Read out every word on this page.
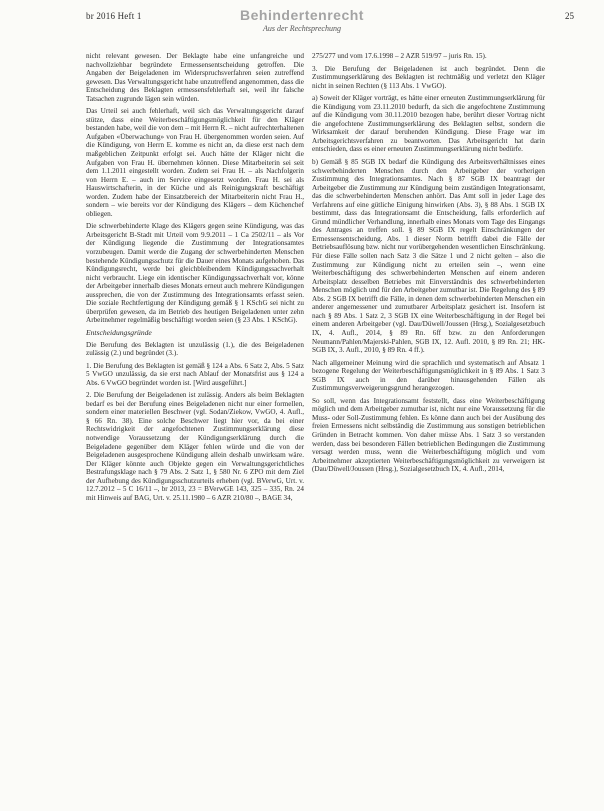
br 2016 Heft 1	Behindertenrecht	25
Aus der Rechtsprechung

nicht relevant gewesen. Der Beklagte habe eine unfangreiche und nachvollziehbar begründete Ermessensentscheidung getroffen. Die Angaben der Beigeladenen im Widerspruchsverfahren seien zutreffend gewesen. Das Verwaltungsgericht habe unzutreffend angenommen, dass die Entscheidung des Beklagten ermessensfehlerhaft sei, weil ihr falsche Tatsachen zugrunde lägen sein würden.

Das Urteil sei auch fehlerhaft, weil sich das Verwaltungsgericht darauf stütze, dass eine Weiterbeschäftigungsmöglichkeit für den Kläger bestanden habe, weil die von dem – mit Herrn R. – nicht aufrechterhaltenen Aufgaben «Überwachung» von Frau H. übergenommen worden seien. Auf die Kündigung, von Herrn E. komme es nicht an, da diese erst nach dem maßgeblichen Zeitpunkt erfolgt sei. Auch hätte der Kläger nicht die Aufgaben von Frau H. übernehmen können. Diese Mitarbeiterin sei seit dem 1.1.2011 eingestellt worden. Zudem sei Frau H. – als Nachfolgerin von Herrn E. – auch im Service eingesetzt worden. Frau H. sei als Hauswirtschafterin, in der Küche und als Reinigungskraft beschäftigt worden. Zudem habe der Einsatzbereich der Mitarbeiterin nicht Frau H., sondern – wie bereits vor der Kündigung des Klägers – dem Küchenchef obliegen.

Die schwerbehinderte Klage des Klägers gegen seine Kündigung, was das Arbeitsgericht B-Stadt mit Urteil vom 9.9.2011 – 1 Ca 2502/11 – als Vor der Kündigung liegende die Zustimmung der Integrationsamtes vorzubeugen. Damit werde die Zugang der schwerbehinderten Menschen bestehende Kündigungsschutz für die Dauer eines Monats aufgehoben. Das Kündigungsrecht, werde bei gleichbleibendem Kündigungssachverhalt nicht verbraucht. Liege ein identischer Kündigungssachverhalt vor, könne der Arbeitgeber innerhalb dieses Monats erneut auch mehrere Kündigungen aussprechen, die von der Zustimmung des Integrationsamts erfasst seien. Die soziale Rechtfertigung der Kündigung gemäß § 1 KSchG sei nicht zu überprüfen gewesen, da im Betrieb des heutigen Beigeladenen unter zehn Arbeitnehmer regelmäßig beschäftigt worden seien (§ 23 Abs. 1 KSchG).

Entscheidungsgründe

Die Berufung des Beklagten ist unzulässig (1.), die des Beigeladenen zulässig (2.) und begründet (3.).

1. Die Berufung des Beklagten ist gemäß § 124 a Abs. 6 Satz 2, Abs. 5 Satz 5 VwGO unzulässig, da sie erst nach Ablauf der Monatsfrist aus § 124 a Abs. 6 VwGO begründet worden ist. [Wird ausgeführt.]

2. Die Berufung der Beigeladenen ist zulässig. Anders als beim Beklagten bedarf es bei der Berufung eines Beigeladenen nicht nur einer formellen, sondern einer materiellen Beschwer (vgl. Sodan/Ziekow, VwGO, 4. Aufl., § 66 Rn. 38). Eine solche Beschwer liegt hier vor, da bei einer Rechtswidrigkeit der angefochtenen Zustimmungserklärung diese notwendige Voraussetzung der Kündigungserklärung durch die Beigeladene gegenüber dem Kläger fehlen würde und die von der Beigeladenen ausgesprochene Kündigung allein deshalb unwirksam wäre. Der Kläger könnte auch Objekte gegen ein Verwaltungsgerichtliches Bestrafungsklage nach § 79 Abs. 2 Satz 1, § 580 Nr. 6 ZPO mit dem Ziel der Aufhebung des Kündigungsschutzurteils erheben (vgl. BVerwG, Urt. v. 12.7.2012 – 5 C 16/11 –, br 2013, 23 = BVerwGE 143, 325 – 335, Rn. 24 mit Hinweis auf BAG, Urt. v. 25.11.1980 – 6 AZR 210/80 –, BAGE 34,

275/277 und vom 17.6.1998 – 2 AZR 519/97 – juris Rn. 15).

3. Die Berufung der Beigeladenen ist auch begründet. Denn die Zustimmungserklärung des Beklagten ist rechtmäßig und verletzt den Kläger nicht in seinen Rechten (§ 113 Abs. 1 VwGO).

a) Soweit der Kläger vorträgt, es hätte einer erneuten Zustimmungserklärung für die Kündigung vom 23.11.2010 bedurft, da sich die angefochtene Zustimmung auf die Kündigung vom 30.11.2010 bezogen habe, berührt dieser Vortrag nicht die angefochtene Zustimmungserklärung des Beklagten selbst, sondern die Wirksamkeit der darauf beruhenden Kündigung. Diese Frage war im Arbeitsgerichtsverfahren zu beantworten. Das Arbeitsgericht hat darin entschieden, dass es einer erneuten Zustimmungserklärung nicht bedürfe.

b) Gemäß § 85 SGB IX bedarf die Kündigung des Arbeitsverhältnisses eines schwerbehinderten Menschen durch den Arbeitgeber der vorherigen Zustimmung des Integrationsamtes. Nach § 87 SGB IX beantragt der Arbeitgeber die Zustimmung zur Kündigung beim zuständigen Integrationsamt, das die schwerbehinderten Menschen anhört. Das Amt soll in jeder Lage des Verfahrens auf eine gütliche Einigung hinwirken (Abs. 3), § 88 Abs. 1 SGB IX bestimmt, dass das Integrationsamt die Entscheidung, falls erforderlich auf Grund mündlicher Verhandlung, innerhalb eines Monats vom Tage des Eingangs des Antrages an treffen soll. § 89 SGB IX regelt Einschränkungen der Ermessensentscheidung. Abs. 1 dieser Norm betrifft dabei die Fälle der Betriebsauflösung bzw. nicht nur vorübergehenden wesentlichen Einschränkung. Für diese Fälle sollen nach Satz 3 die Sätze 1 und 2 nicht gelten – also die Zustimmung zur Kündigung nicht zu erteilen sein –, wenn eine Weiterbeschäftigung des schwerbehinderten Menschen auf einem anderen Arbeitsplatz desselben Betriebes mit Einverständnis des schwerbehinderten Menschen möglich und für den Arbeitgeber zumutbar ist. Die Regelung des § 89 Abs. 2 SGB IX betrifft die Fälle, in denen dem schwerbehinderten Menschen ein anderer angemessener und zumutbarer Arbeitsplatz gesichert ist. Insofern ist nach § 89 Abs. 1 Satz 2, 3 SGB IX eine Weiterbeschäftigung in der Regel bei einem anderen Arbeitgeber (vgl. Dau/Düwell/Joussen (Hrsg.), Sozialgesetzbuch IX, 4. Aufl., 2014, § 89 Rn. 6ff bzw. zu den Anforderungen Neumann/Pahlen/Majerski-Pahlen, SGB IX, 12. Aufl. 2010, § 89 Rn. 21; HK-SGB IX, 3. Aufl., 2010, § 89 Rn. 4 ff.).

Nach allgemeiner Meinung wird die sprachlich und systematisch auf Absatz 1 bezogene Regelung der Weiterbeschäftigungsmöglichkeit in § 89 Abs. 1 Satz 3 SGB IX auch in den darüber hinausgehenden Fällen als Zustimmungsverweigerungsgrund herangezogen.

So soll, wenn das Integrationsamt feststellt, dass eine Weiterbeschäftigung möglich und dem Arbeitgeber zumutbar ist, nicht nur eine Voraussetzung für die Muss- oder Soll-Zustimmung fehlen. Es könne dann auch bei der Ausübung des freien Ermessens nicht selbständig die Zustimmung aus sonstigen betrieblichen Gründen in Betracht kommen. Von daher müsse Abs. 1 Satz 3 so verstanden werden, dass bei besonderen Fällen betrieblichen Bedingungen die Zustimmung versagt werden muss, wenn die Weiterbeschäftigung möglich und vom Arbeitnehmer akzeptierten Weiterbeschäftigungsmöglichkeit zu verweigern ist (Dau/Düwell/Joussen (Hrsg.), Sozialgesetzbuch IX, 4. Aufl., 2014,
